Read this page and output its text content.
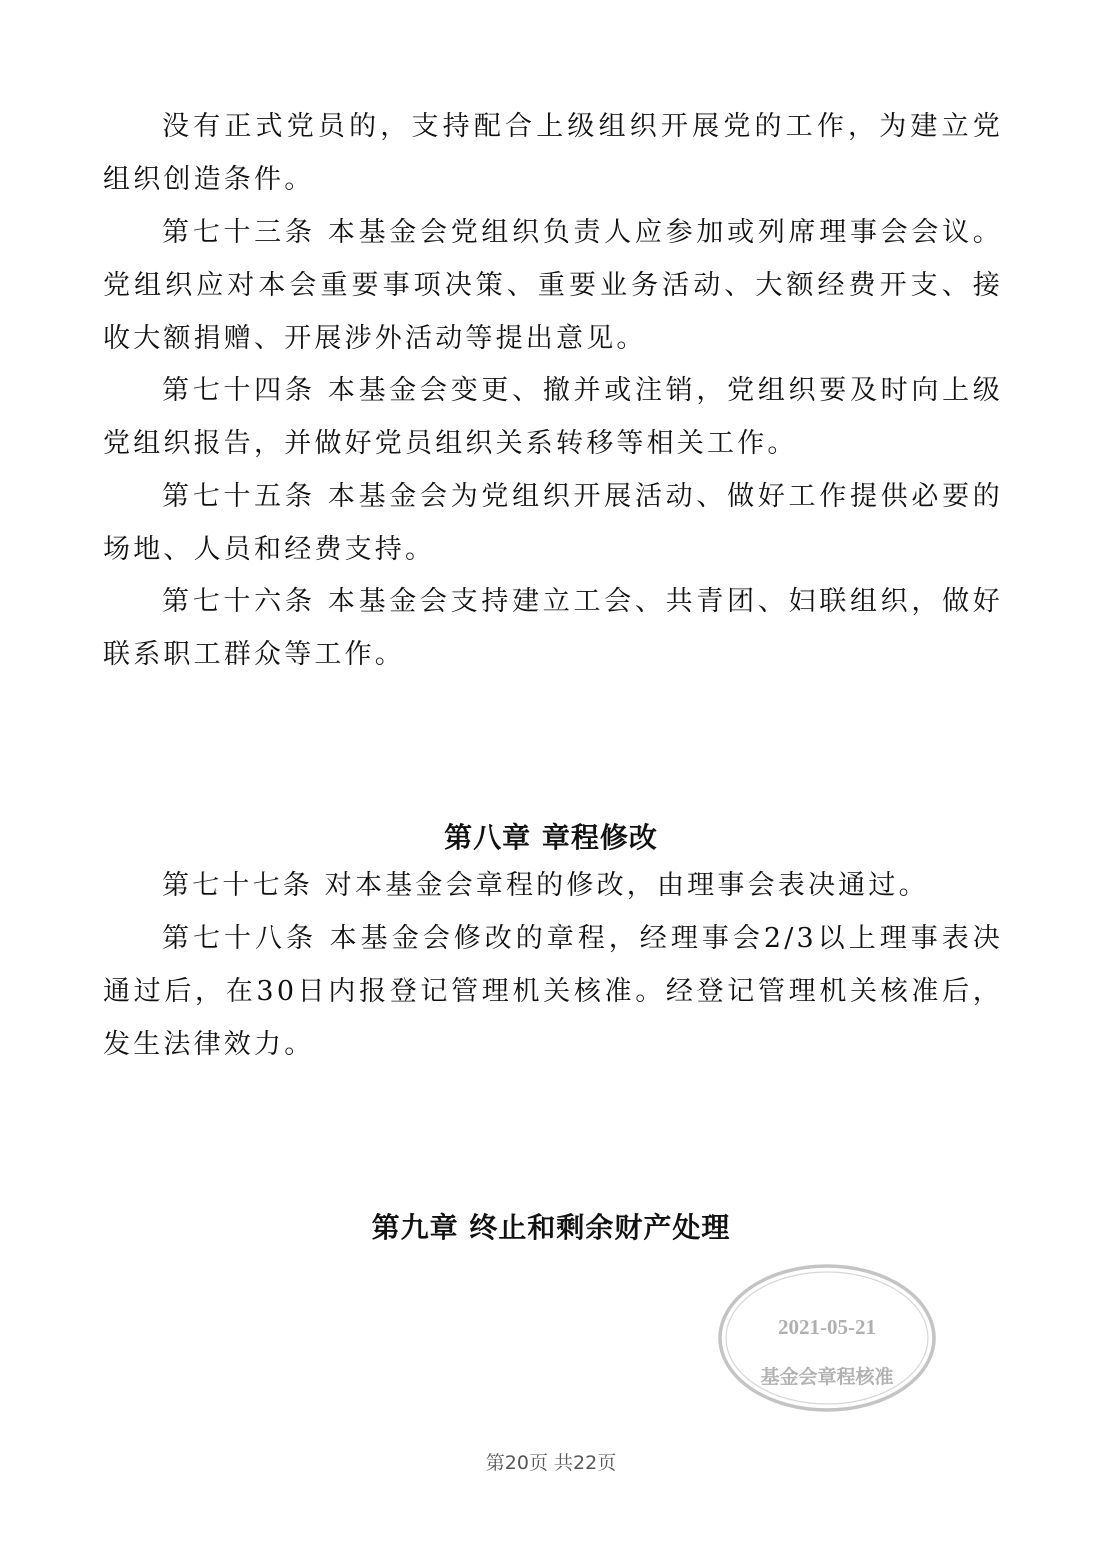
没有正式党员的，支持配合上级组织开展党的工作，为建立党组织创造条件。

第七十三条 本基金会党组织负责人应参加或列席理事会会议。党组织应对本会重要事项决策、重要业务活动、大额经费开支、接收大额捐赠、开展涉外活动等提出意见。

第七十四条 本基金会变更、撤并或注销，党组织要及时向上级党组织报告，并做好党员组织关系转移等相关工作。

第七十五条 本基金会为党组织开展活动、做好工作提供必要的场地、人员和经费支持。

第七十六条 本基金会支持建立工会、共青团、妇联组织，做好联系职工群众等工作。

第八章 章程修改

第七十七条 对本基金会章程的修改，由理事会表决通过。

第七十八条 本基金会修改的章程，经理事会2/3以上理事表决通过后，在30日内报登记管理机关核准。经登记管理机关核准后，发生法律效力。

第九章 终止和剩余财产处理
2021-05-21
基金会章程核准
第20页 共22页
